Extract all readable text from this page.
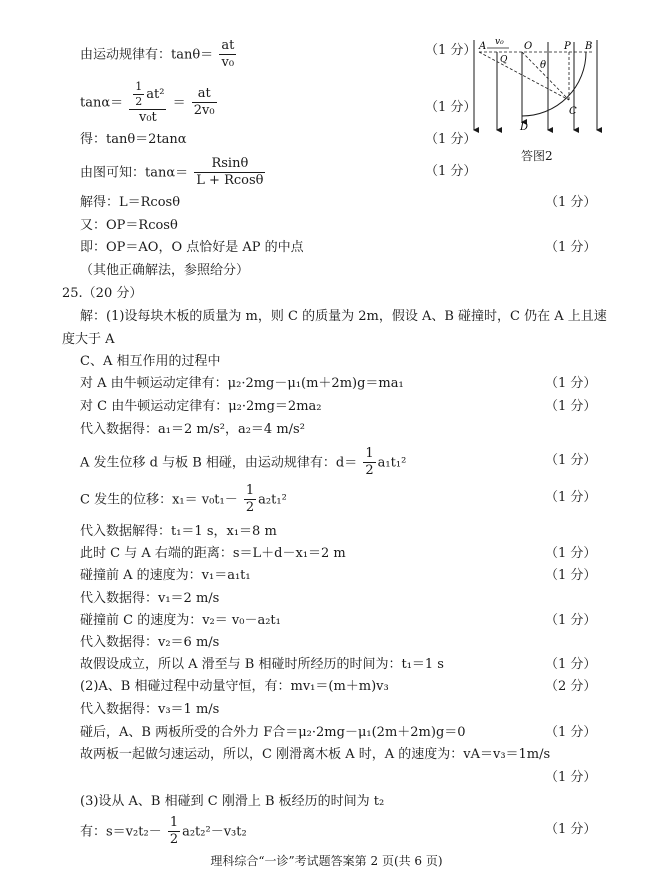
由运动规律有：$\tan\theta= \frac{at}{\text{v₀}}$	（1 分）
$\tan\alpha= \frac{\frac{1}{2} at^2}{\text{v₀t}} = \frac{at}{\text{2v₀}}$	（1 分）
得：tanθ＝2tanα	（1 分）
由图可知：$\tan\alpha= \frac{Rsin\theta}{L + Rcos\theta}$	（1 分）
A v₀ O	P B
Q	θ
C
D
答图2
解得：L＝Rcosθ	（1 分）
又：OP＝Rcosθ
即：OP＝AO，O 点恰好是 AP 的中点	（1 分）
（其他正确解法，参照给分）
25.（20 分）
解：(1)设每块木板的质量为 m，则 C 的质量为 2m，假设 A、B 碰撞时，C 仍在 A 上且速
度大于 A
C、A 相互作用的过程中
对 A 由牛顿运动定律有：μ₂·2mg－μ₁(m＋2m)g＝ma₁	（1 分）
对 C 由牛顿运动定律有：μ₂·2mg＝2ma₂	（1 分）
代入数据得：a₁＝2 m/s²，a₂＝4 m/s²
A 发生位移 d 与板 B 相碰，由运动规律有：$d= \frac{1}{2} a_1t_1^2$	（1 分）
C 发生的位移：$x_1= v_0t_1- \frac{1}{2} a_2t_1^2$	（1 分）
代入数据解得：t₁＝1 s，x₁＝8 m
此时 C 与 A 右端的距离：s＝L＋d－x₁＝2 m	（1 分）
碰撞前 A 的速度为：v₁＝a₁t₁	（1 分）
代入数据得：v₁＝2 m/s
碰撞前 C 的速度为：v₂＝ v₀－a₂t₁	（1 分）
代入数据得：v₂＝6 m/s
故假设成立，所以 A 滑至与 B 相碰时所经历的时间为：t₁＝1 s	（1 分）
(2)A、B 相碰过程中动量守恒，有：mv₁＝(m＋m)v₃	（2 分）
代入数据得：v₃＝1 m/s
碰后，A、B 两板所受的合外力 F合＝μ₂·2mg－μ₁(2m＋2m)g＝0	（1 分）
故两板一起做匀速运动，所以，C 刚滑离木板 A 时，A 的速度为：vA＝v₃＝1m/s
（1 分）
(3)设从 A、B 相碰到 C 刚滑上 B 板经历的时间为 t₂
有：$s=v_2t_2- \frac{1}{2} a_2t_2^2-v_3t_2$	（1 分）
理科综合“一诊”考试题答案第 2 页(共 6 页)
